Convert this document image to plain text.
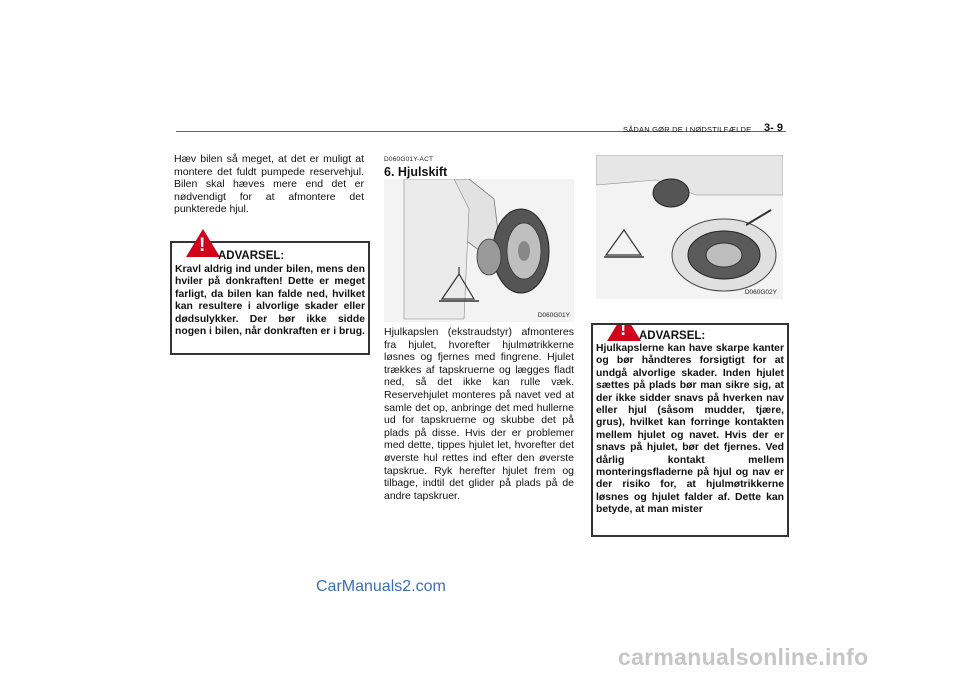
SÅDAN GØR DE I NØDSTILFÆLDE 3- 9
Hæv bilen så meget, at det er muligt at montere det fuldt pumpede reservehjul. Bilen skal hæves mere end det er nødvendigt for at afmontere det punkterede hjul.
!
ADVARSEL:
Kravl aldrig ind under bilen, mens den hviler på donkraften! Dette er meget farligt, da bilen kan falde ned, hvilket kan resultere i alvorlige skader eller dødsulykker. Der bør ikke sidde nogen i bilen, når donkraften er i brug.
D060G01Y-ACT
6. Hjulskift
D060G01Y
Hjulkapslen (ekstraudstyr) afmonteres fra hjulet, hvorefter hjulmøtrikkerne løsnes og fjernes med fingrene. Hjulet trækkes af tapskruerne og lægges fladt ned, så det ikke kan rulle væk. Reservehjulet monteres på navet ved at samle det op, anbringe det med hullerne ud for tapskruerne og skubbe det på plads på disse. Hvis der er problemer med dette, tippes hjulet let, hvorefter det øverste hul rettes ind efter den øverste tapskrue. Ryk herefter hjulet frem og tilbage, indtil det glider på plads på de andre tapskruer.
D060G02Y
!
ADVARSEL:
Hjulkapslerne kan have skarpe kanter og bør håndteres forsigtigt for at undgå alvorlige skader. Inden hjulet sættes på plads bør man sikre sig, at der ikke sidder snavs på hverken nav eller hjul (såsom mudder, tjære, grus), hvilket kan forringe kontakten mellem hjulet og navet. Hvis der er snavs på hjulet, bør det fjernes. Ved dårlig kontakt mellem monteringsfladerne på hjul og nav er der risiko for, at hjulmøtrikkerne løsnes og hjulet falder af. Dette kan betyde, at man mister
CarManuals2.com
carmanualsonline.info
